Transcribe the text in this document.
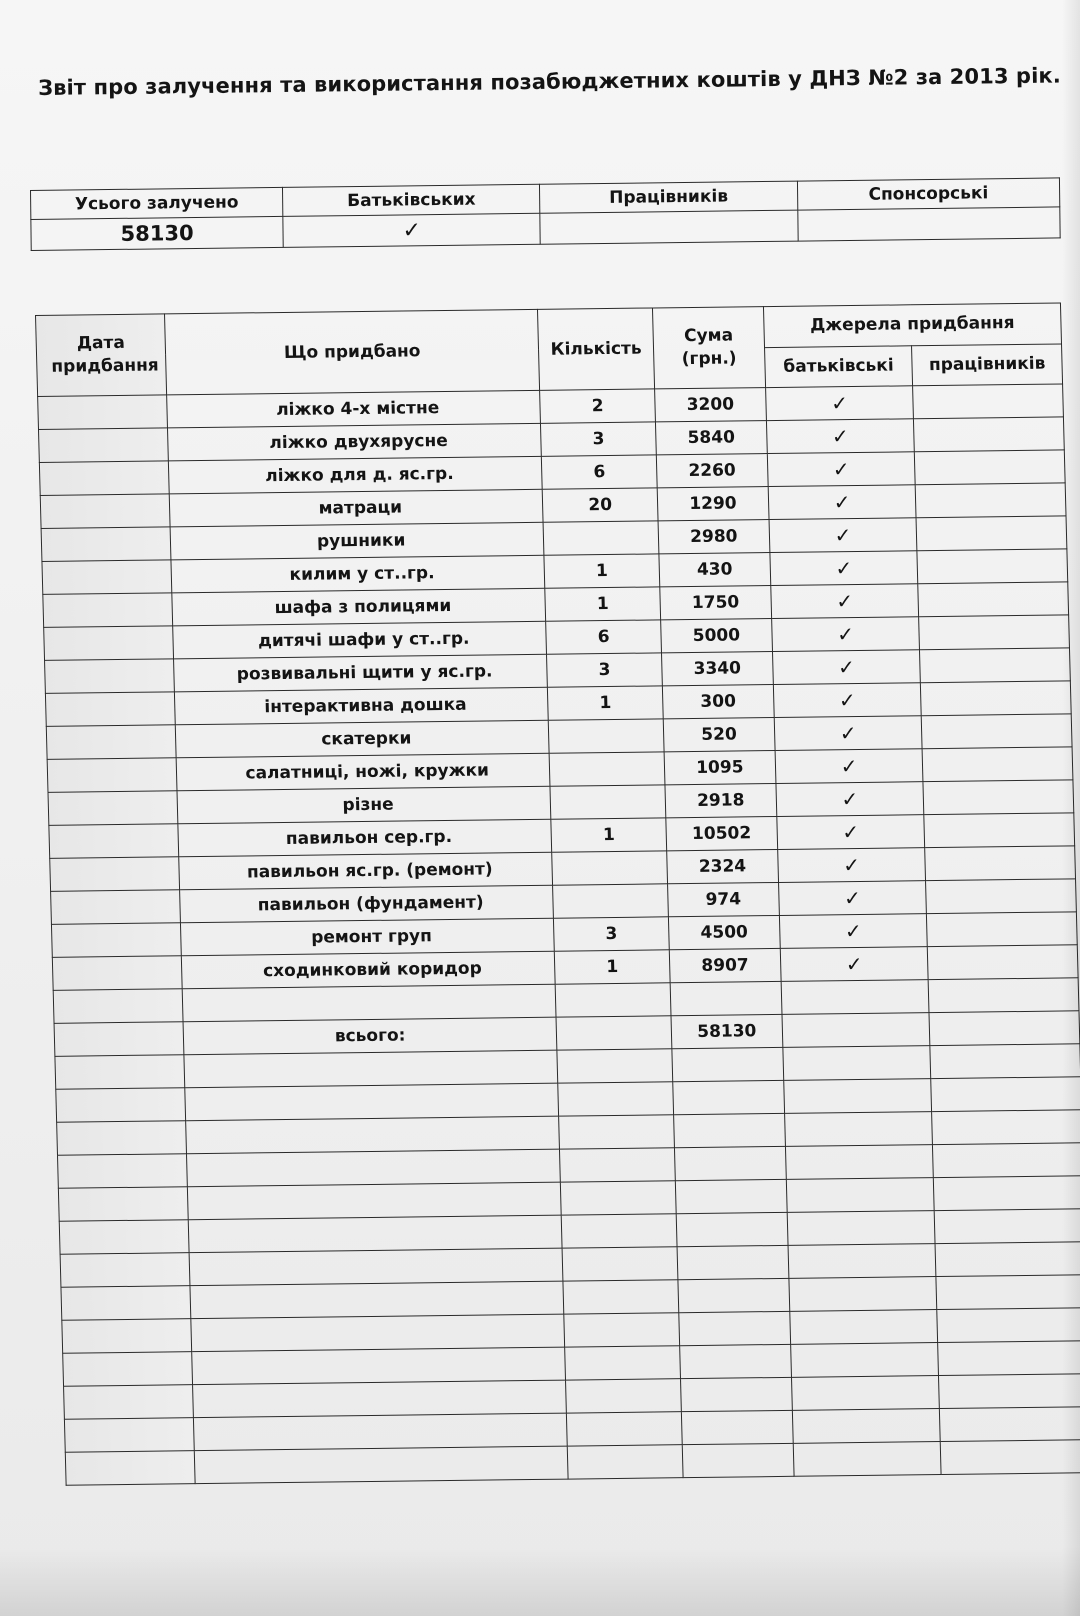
Звіт про залучення та використання позабюджетних коштів у ДНЗ №2 за 2013 рік.
Усього залучено	Батьківських	Працівників	Спонсорські
58130	✓		
Дата придбання	Що придбано	Кількість	Сума (грн.)	Джерела придбання	
				батьківські	працівників
	ліжко 4-х містне	2	3200	✓	
	ліжко двухярусне	3	5840	✓	
	ліжко для д. яс.гр.	6	2260	✓	
	матраци	20	1290	✓	
	рушники		2980	✓	
	килим у ст..гр.	1	430	✓	
	шафа з полицями	1	1750	✓	
	дитячі шафи у ст..гр.	6	5000	✓	
	розвивальні щити у яс.гр.	3	3340	✓	
	інтерактивна дошка	1	300	✓	
	скатерки		520	✓	
	салатниці, ножі, кружки		1095	✓	
	різне		2918	✓	
	павильон сер.гр.	1	10502	✓	
	павильон яс.гр. (ремонт)		2324	✓	
	павильон (фундамент)		974	✓	
	ремонт груп	3	4500	✓	
	сходинковий коридор	1	8907	✓	

	всього:		58130		
